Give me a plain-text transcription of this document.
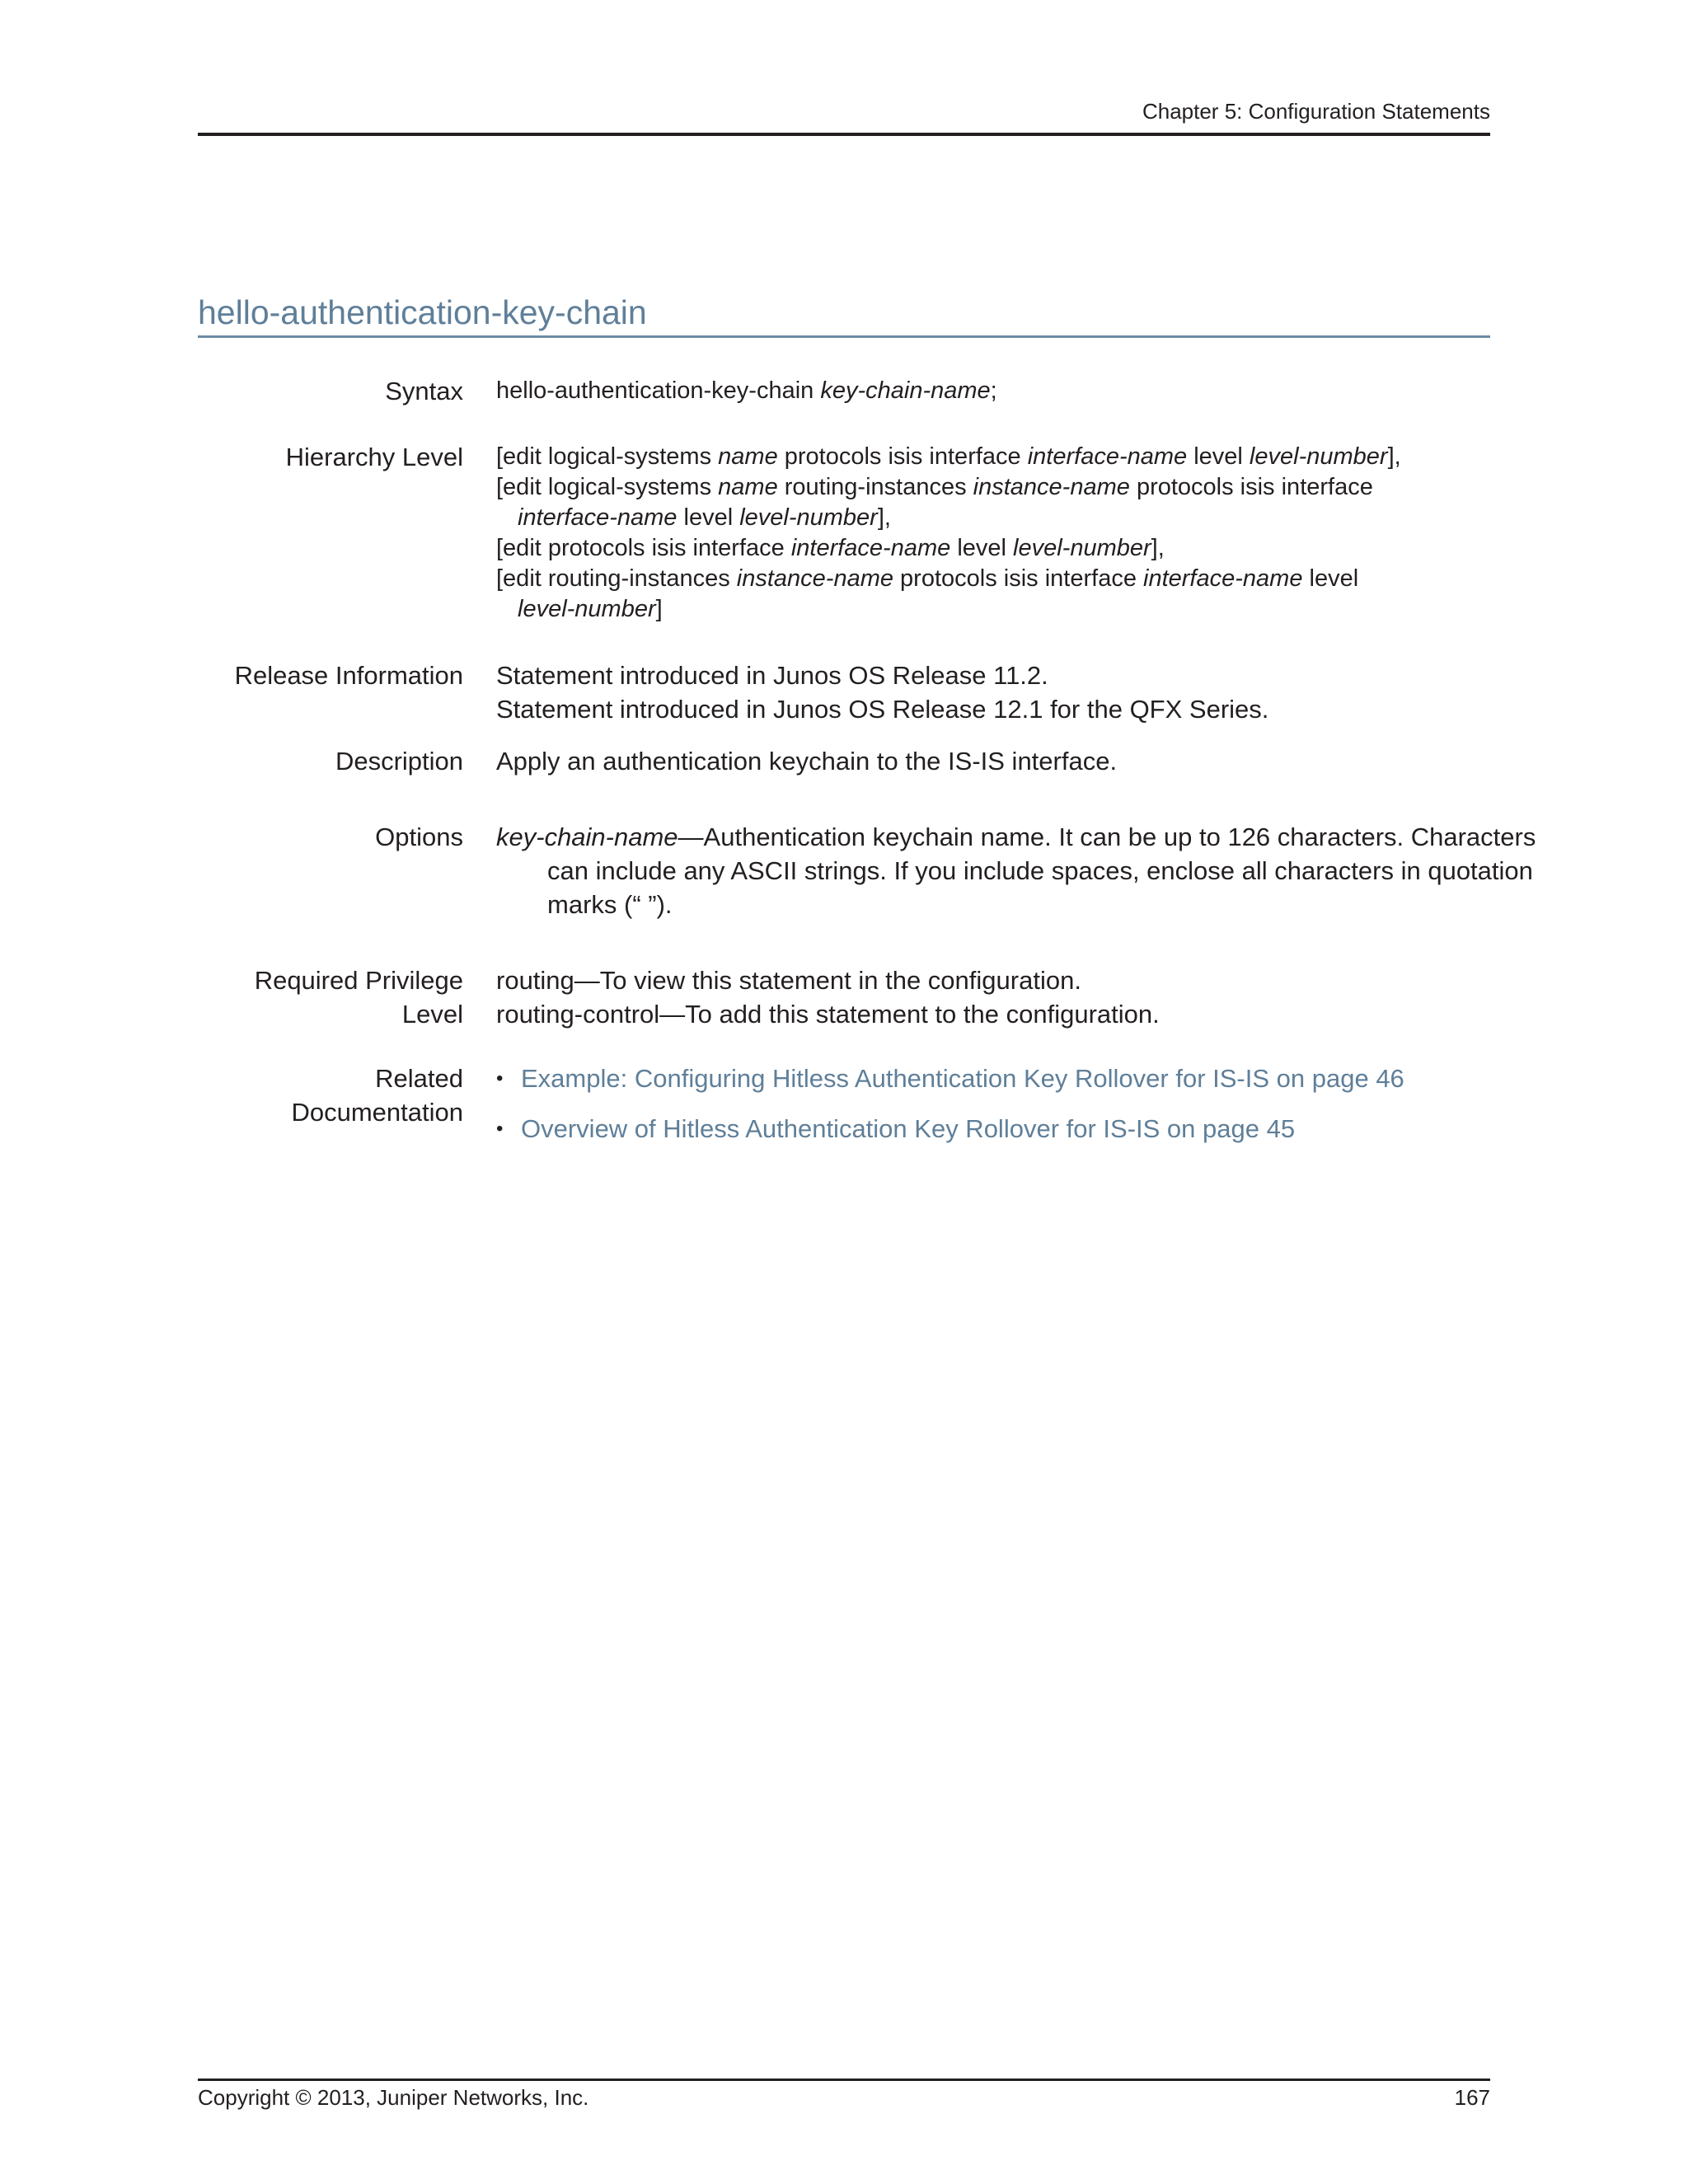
Chapter 5: Configuration Statements
hello-authentication-key-chain
Syntax hello-authentication-key-chain key-chain-name;
Hierarchy Level [edit logical-systems name protocols isis interface interface-name level level-number],
[edit logical-systems name routing-instances instance-name protocols isis interface
interface-name level level-number],
[edit protocols isis interface interface-name level level-number],
[edit routing-instances instance-name protocols isis interface interface-name level
level-number]
Release Information Statement introduced in Junos OS Release 11.2.
Statement introduced in Junos OS Release 12.1 for the QFX Series.
Description Apply an authentication keychain to the IS-IS interface.
Options key-chain-name—Authentication keychain name. It can be up to 126 characters. Characters
can include any ASCII strings. If you include spaces, enclose all characters in quotation
marks (“ ”).
Required Privilege
Level
routing—To view this statement in the configuration.
routing-control—To add this statement to the configuration.
Related
Documentation
• Example: Configuring Hitless Authentication Key Rollover for IS-IS on page 46
• Overview of Hitless Authentication Key Rollover for IS-IS on page 45
Copyright © 2013, Juniper Networks, Inc.	167
